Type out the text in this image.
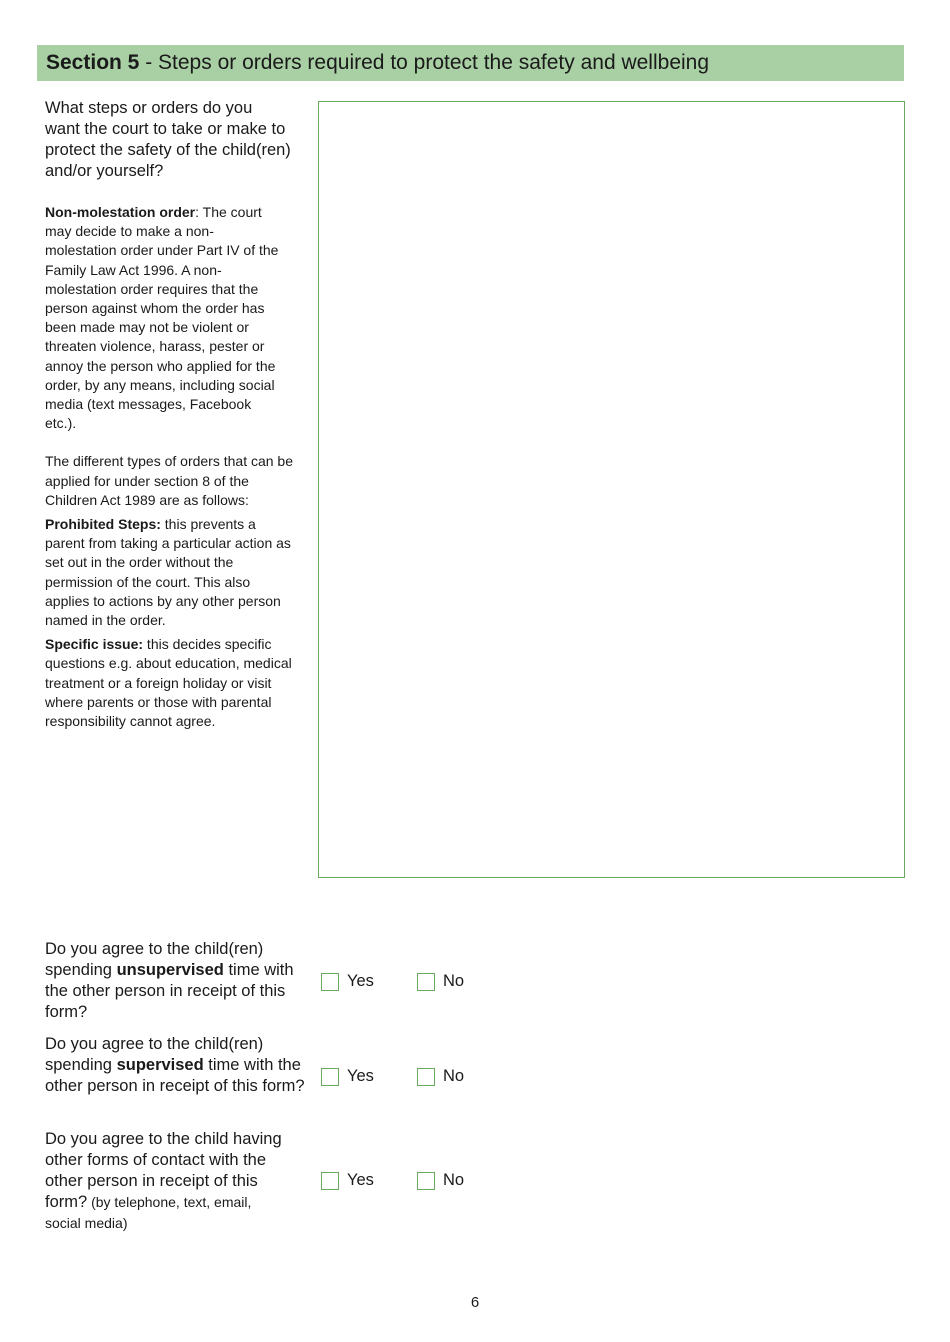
Section 5 - Steps or orders required to protect the safety and wellbeing

What steps or orders do you
want the court to take or make to
protect the safety of the child(ren)
and/or yourself?

Non-molestation order: The court may decide to make a non-molestation order under Part IV of the Family Law Act 1996. A non-molestation order requires that the person against whom the order has been made may not be violent or threaten violence, harass, pester or annoy the person who applied for the order, by any means, including social media (text messages, Facebook etc.).

The different types of orders that can be applied for under section 8 of the Children Act 1989 are as follows:

Prohibited Steps: this prevents a parent from taking a particular action as set out in the order without the permission of the court. This also applies to actions by any other person named in the order.

Specific issue: this decides specific questions e.g. about education, medical treatment or a foreign holiday or visit where parents or those with parental responsibility cannot agree.

Do you agree to the child(ren) spending unsupervised time with the other person in receipt of this form?
Yes	No
Do you agree to the child(ren) spending supervised time with the other person in receipt of this form?
Yes	No
Do you agree to the child having other forms of contact with the other person in receipt of this form? (by telephone, text, email, social media)
Yes	No
6
